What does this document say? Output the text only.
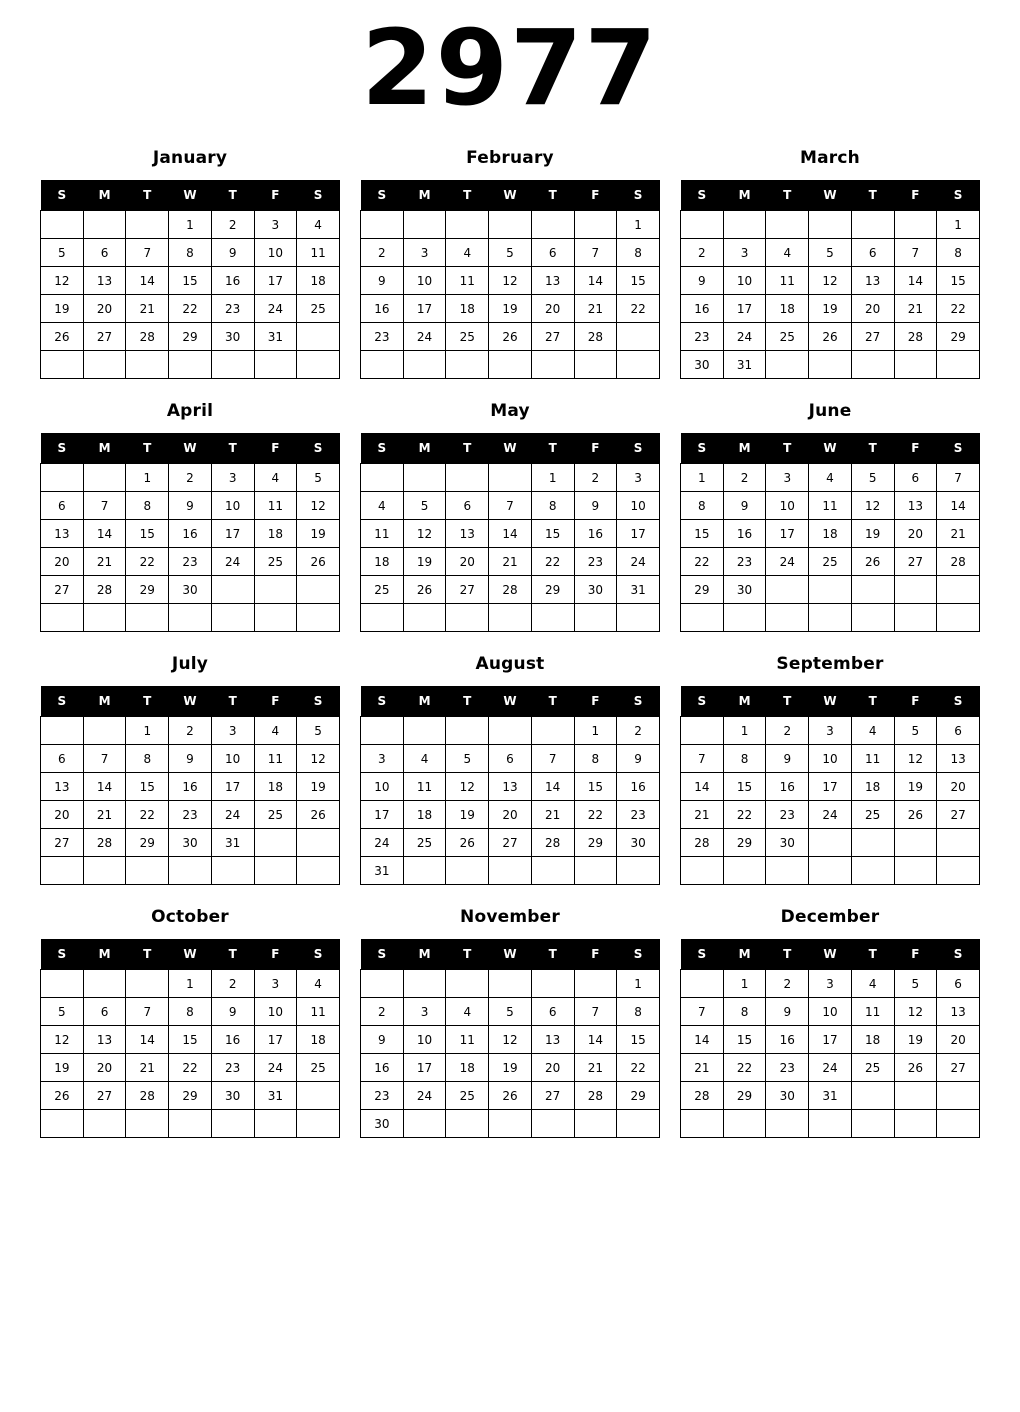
2977
January
S	M	T	W	T	F	S
			1	2	3	4
5	6	7	8	9	10	11
12	13	14	15	16	17	18
19	20	21	22	23	24	25
26	27	28	29	30	31	

February
S	M	T	W	T	F	S
						1
2	3	4	5	6	7	8
9	10	11	12	13	14	15
16	17	18	19	20	21	22
23	24	25	26	27	28	

March
S	M	T	W	T	F	S
						1
2	3	4	5	6	7	8
9	10	11	12	13	14	15
16	17	18	19	20	21	22
23	24	25	26	27	28	29
30	31					
April
S	M	T	W	T	F	S
		1	2	3	4	5
6	7	8	9	10	11	12
13	14	15	16	17	18	19
20	21	22	23	24	25	26
27	28	29	30			

May
S	M	T	W	T	F	S
				1	2	3
4	5	6	7	8	9	10
11	12	13	14	15	16	17
18	19	20	21	22	23	24
25	26	27	28	29	30	31

June
S	M	T	W	T	F	S
1	2	3	4	5	6	7
8	9	10	11	12	13	14
15	16	17	18	19	20	21
22	23	24	25	26	27	28
29	30					

July
S	M	T	W	T	F	S
		1	2	3	4	5
6	7	8	9	10	11	12
13	14	15	16	17	18	19
20	21	22	23	24	25	26
27	28	29	30	31		

August
S	M	T	W	T	F	S
					1	2
3	4	5	6	7	8	9
10	11	12	13	14	15	16
17	18	19	20	21	22	23
24	25	26	27	28	29	30
31						
September
S	M	T	W	T	F	S
	1	2	3	4	5	6
7	8	9	10	11	12	13
14	15	16	17	18	19	20
21	22	23	24	25	26	27
28	29	30				

October
S	M	T	W	T	F	S
			1	2	3	4
5	6	7	8	9	10	11
12	13	14	15	16	17	18
19	20	21	22	23	24	25
26	27	28	29	30	31	

November
S	M	T	W	T	F	S
						1
2	3	4	5	6	7	8
9	10	11	12	13	14	15
16	17	18	19	20	21	22
23	24	25	26	27	28	29
30						
December
S	M	T	W	T	F	S
	1	2	3	4	5	6
7	8	9	10	11	12	13
14	15	16	17	18	19	20
21	22	23	24	25	26	27
28	29	30	31			
